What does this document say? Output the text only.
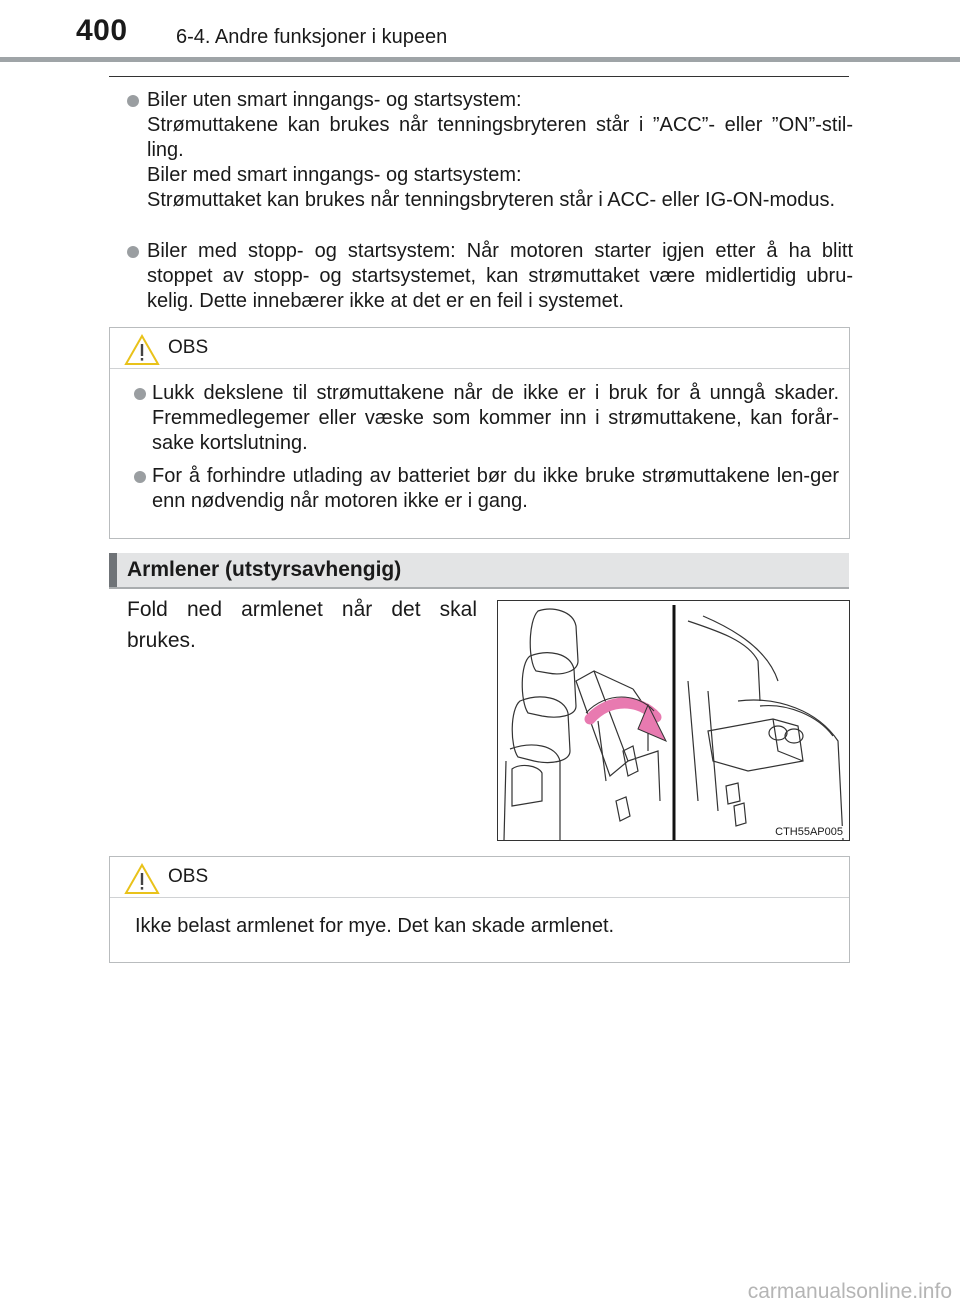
400 6-4. Andre funksjoner i kupeen

Biler uten smart inngangs- og startsystem:

Strømuttakene kan brukes når tenningsbryteren står i ”ACC”- eller ”ON”-stil-ling.

Biler med smart inngangs- og startsystem:

Strømuttaket kan brukes når tenningsbryteren står i ACC- eller IG-ON-modus.

Biler med stopp- og startsystem: Når motoren starter igjen etter å ha blitt stoppet av stopp- og startsystemet, kan strømuttaket være midlertidig ubru-kelig. Dette innebærer ikke at det er en feil i systemet.

OBS
Lukk dekslene til strømuttakene når de ikke er i bruk for å unngå skader. Fremmedlegemer eller væske som kommer inn i strømuttakene, kan forår-sake kortslutning.
For å forhindre utlading av batteriet bør du ikke bruke strømuttakene len-ger enn nødvendig når motoren ikke er i gang.
Armlener (utstyrsavhengig)
Fold ned armlenet når det skal brukes.
CTH55AP005
OBS
Ikke belast armlenet for mye. Det kan skade armlenet.
carmanualsonline.info
